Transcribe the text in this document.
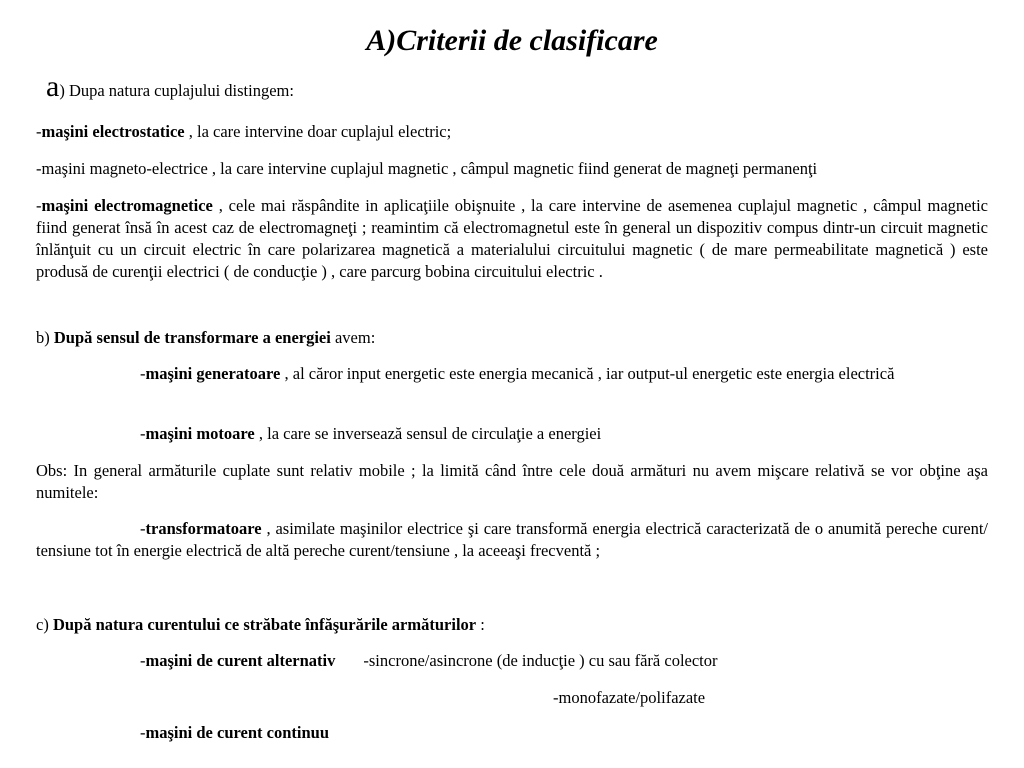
A)Criterii de clasificare
a) Dupa natura cuplajului distingem:
-maşini electrostatice , la care intervine doar cuplajul electric;
-maşini magneto-electrice , la care intervine cuplajul magnetic , câmpul magnetic fiind generat de magneţi permanenţi
-maşini electromagnetice , cele mai răspândite in aplicaţiile obişnuite , la care intervine de asemenea cuplajul magnetic , câmpul magnetic fiind generat însă în acest caz de electromagneţi ; reamintim că electromagnetul este în general un dispozitiv compus dintr-un circuit magnetic înlănţuit cu un circuit electric în care polarizarea magnetică a materialului circuitului magnetic ( de mare permeabilitate magnetică ) este produsă de curenţii electrici ( de conducţie ) , care parcurg bobina circuitului electric .
b) După sensul de transformare a energiei avem:
-maşini generatoare , al căror input energetic este energia mecanică , iar output-ul energetic este energia electrică
-maşini motoare , la care se inversează sensul de circulaţie a energiei
Obs: In general armăturile cuplate sunt relativ mobile ; la limită când între cele două armături nu avem mişcare relativă se vor obţine aşa numitele:
-transformatoare , asimilate maşinilor electrice şi care transformă energia electrică caracterizată de o anumită pereche curent/ tensiune tot în energie electrică de altă pereche curent/tensiune , la aceeaşi frecventă ;
c) După natura curentului ce străbate înfăşurările armăturilor :
-maşini de curent alternativ -sincrone/asincrone (de inducţie ) cu sau fără colector
-monofazate/polifazate
-maşini de curent continuu
